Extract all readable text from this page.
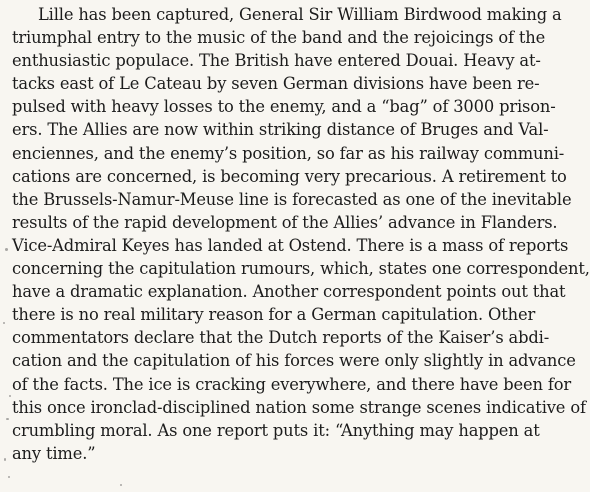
Lille has been captured, General Sir William Birdwood making a
triumphal entry to the music of the band and the rejoicings of the
enthusiastic populace. The British have entered Douai. Heavy at-
tacks east of Le Cateau by seven German divisions have been re-
pulsed with heavy losses to the enemy, and a “bag” of 3000 prison-
ers. The Allies are now within striking distance of Bruges and Val-
enciennes, and the enemy’s position, so far as his railway communi-
cations are concerned, is becoming very precarious. A retirement to
the Brussels-Namur-Meuse line is forecasted as one of the inevitable
results of the rapid development of the Allies’ advance in Flanders.
Vice-Admiral Keyes has landed at Ostend. There is a mass of reports
concerning the capitulation rumours, which, states one correspondent,
have a dramatic explanation. Another correspondent points out that
there is no real military reason for a German capitulation. Other
commentators declare that the Dutch reports of the Kaiser’s abdi-
cation and the capitulation of his forces were only slightly in advance
of the facts. The ice is cracking everywhere, and there have been for
this once ironclad-disciplined nation some strange scenes indicative of
crumbling moral. As one report puts it: “Anything may happen at
any time.”
